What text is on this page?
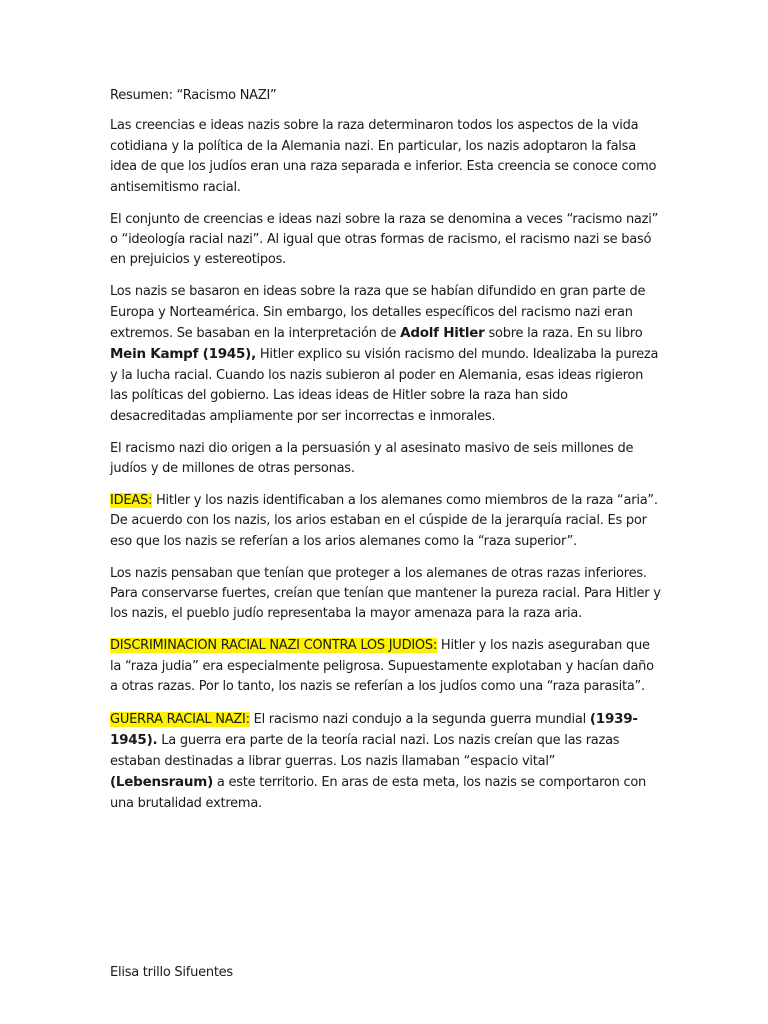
Resumen: “Racismo NAZI”

Las creencias e ideas nazis sobre la raza determinaron todos los aspectos de la vida cotidiana y la política de la Alemania nazi. En particular, los nazis adoptaron la falsa idea de que los judíos eran una raza separada e inferior. Esta creencia se conoce como antisemitismo racial.

El conjunto de creencias e ideas nazi sobre la raza se denomina a veces “racismo nazi” o “ideología racial nazi”. Al igual que otras formas de racismo, el racismo nazi se basó en prejuicios y estereotipos.

Los nazis se basaron en ideas sobre la raza que se habían difundido en gran parte de Europa y Norteamérica. Sin embargo, los detalles específicos del racismo nazi eran extremos. Se basaban en la interpretación de Adolf Hitler sobre la raza. En su libro Mein Kampf (1945), Hitler explico su visión racismo del mundo. Idealizaba la pureza y la lucha racial. Cuando los nazis subieron al poder en Alemania, esas ideas rigieron las políticas del gobierno. Las ideas ideas de Hitler sobre la raza han sido desacreditadas ampliamente por ser incorrectas e inmorales.

El racismo nazi dio origen a la persuasión y al asesinato masivo de seis millones de judíos y de millones de otras personas.

IDEAS: Hitler y los nazis identificaban a los alemanes como miembros de la raza “aria”. De acuerdo con los nazis, los arios estaban en el cúspide de la jerarquía racial. Es por eso que los nazis se referían a los arios alemanes como la “raza superior”.

Los nazis pensaban que tenían que proteger a los alemanes de otras razas inferiores. Para conservarse fuertes, creían que tenían que mantener la pureza racial. Para Hitler y los nazis, el pueblo judío representaba la mayor amenaza para la raza aria.

DISCRIMINACION RACIAL NAZI CONTRA LOS JUDIOS: Hitler y los nazis aseguraban que la “raza judia” era especialmente peligrosa. Supuestamente explotaban y hacían daño a otras razas. Por lo tanto, los nazis se referían a los judíos como una “raza parasita”.

GUERRA RACIAL NAZI: El racismo nazi condujo a la segunda guerra mundial (1939-1945). La guerra era parte de la teoría racial nazi. Los nazis creían que las razas estaban destinadas a librar guerras. Los nazis llamaban “espacio vital” (Lebensraum) a este territorio. En aras de esta meta, los nazis se comportaron con una brutalidad extrema.

Elisa trillo Sifuentes
